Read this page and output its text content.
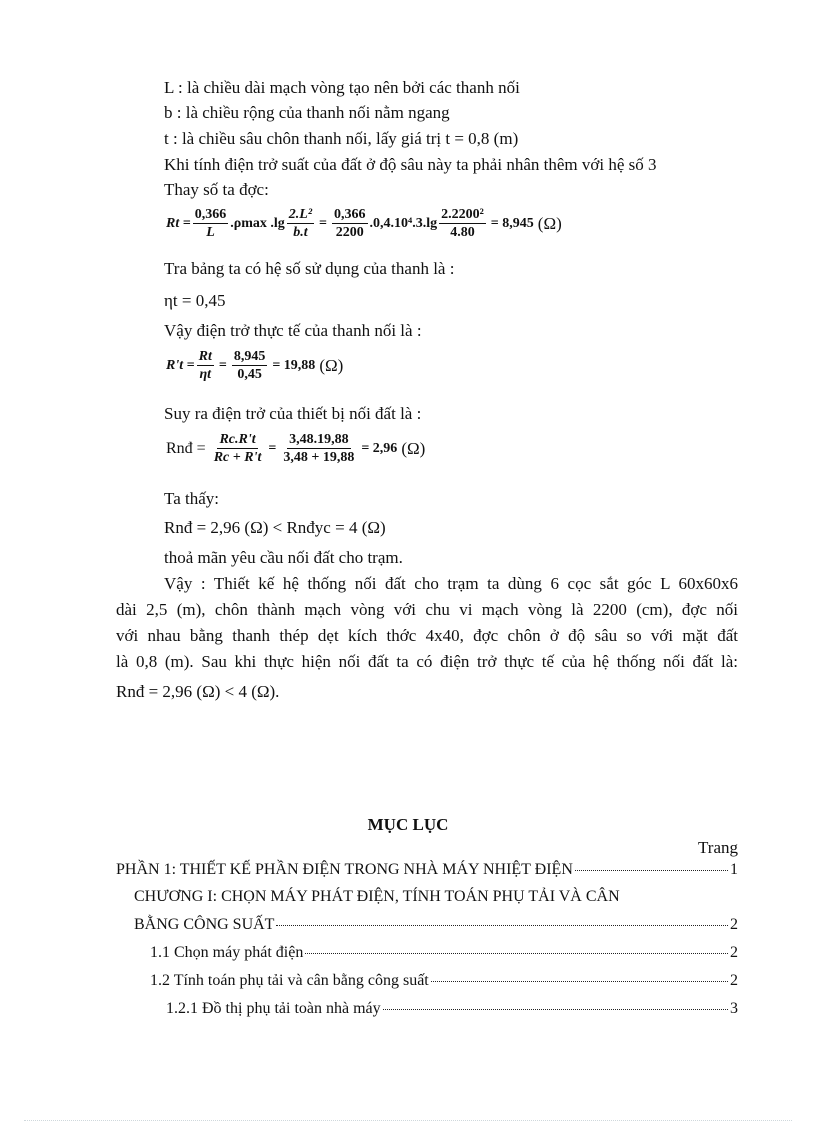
L : là chiều dài mạch vòng tạo nên bởi các thanh nối
b : là chiều rộng của thanh nối nằm ngang
t : là chiều sâu chôn thanh nối, lấy giá trị t = 0,8 (m)
Khi tính điện trở suất của đất ở độ sâu này ta phải nhân thêm với hệ số 3
Thay số ta đợc:
$Rt = \frac{0,366}{L} .\rho\max$ $.\lg \frac{\text{2.L²}}{b.t} = \frac{0,366}{2200} .0,4.10^4.3.\lg \frac{\text{2.2200²}}{4.80} = 8,945$ (Ω)
Tra bảng ta có hệ số sử dụng của thanh là :
ηt = 0,45
Vậy điện trở thực tế của thanh nối là :
$R't = \frac{Rt}{\eta t} = \frac{8,945}{0,45} = 19,88$ (Ω)
Suy ra điện trở của thiết bị nối đất là :
Rnđ = $\frac{Rc.R't}{Rc + R't} = \frac{3,48.19,88}{3,48 + 19,88} = 2,96$ (Ω)
Ta thấy:
Rnđ = 2,96 (Ω) < Rnđyc = 4 (Ω)
thoả mãn yêu cầu nối đất cho trạm.
Vậy : Thiết kế hệ thống nối đất cho trạm ta dùng 6 cọc sắt góc L 60x60x6
dài 2,5 (m), chôn thành mạch vòng với chu vi mạch vòng là 2200 (cm), đợc nối
với nhau bằng thanh thép dẹt kích thớc 4x40, đợc chôn ở độ sâu so với mặt đất
là 0,8 (m). Sau khi thực hiện nối đất ta có điện trở thực tế của hệ thống nối đất là:
Rnđ = 2,96 (Ω) < 4 (Ω).
MỤC LỤC
Trang
PHẦN 1: THIẾT KẾ PHẦN ĐIỆN TRONG NHÀ MÁY NHIỆT ĐIỆN	1
CHƯƠNG I: CHỌN MÁY PHÁT ĐIỆN, TÍNH TOÁN PHỤ TẢI VÀ CÂN
BẰNG CÔNG SUẤT	2
1.1 Chọn máy phát điện	2
1.2 Tính toán phụ tải và cân bằng công suất	2
1.2.1 Đồ thị phụ tải toàn nhà máy	3
